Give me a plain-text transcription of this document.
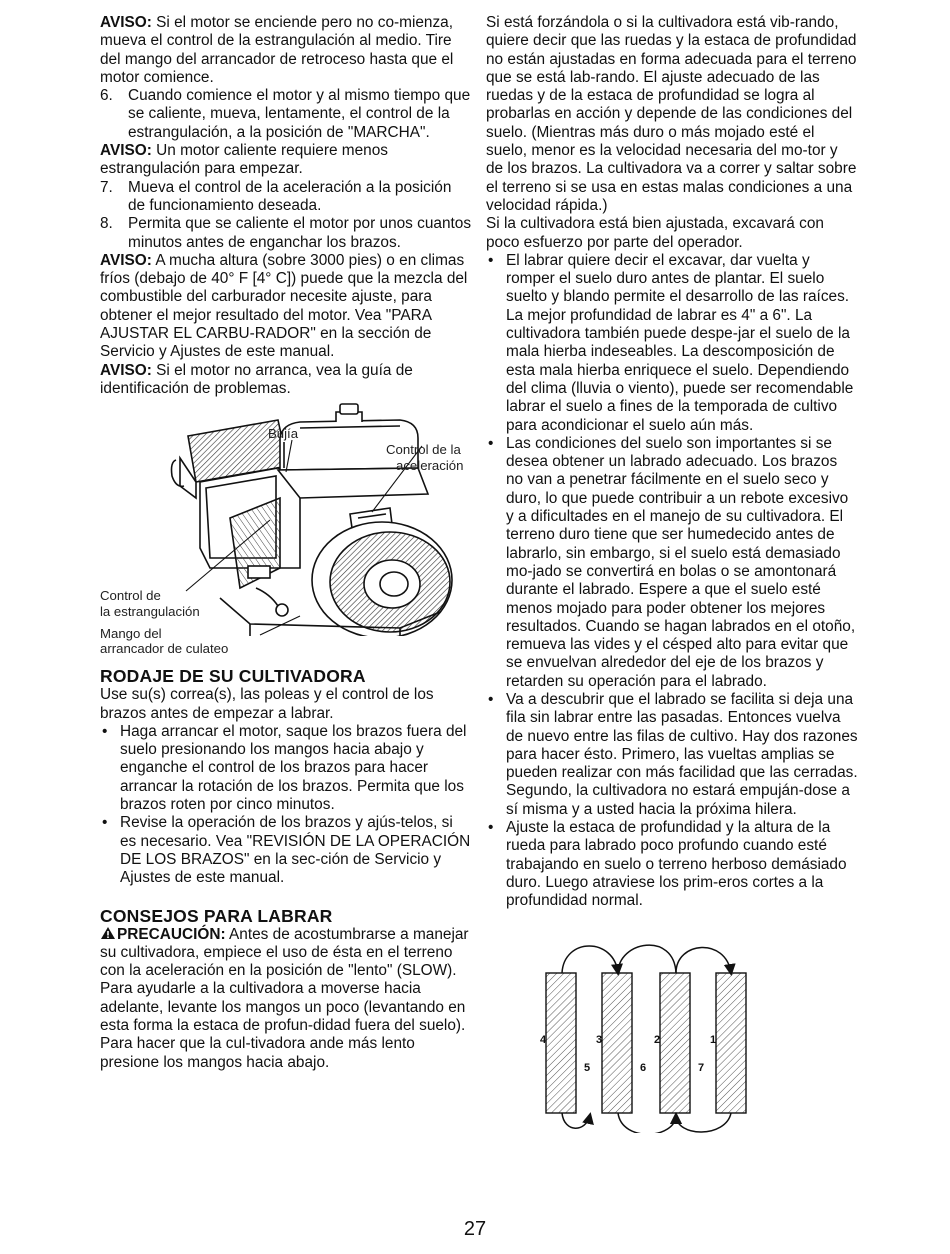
AVISO: Si el motor se enciende pero no co-mienza, mueva el control de la estrangulación al medio. Tire del mango del arrancador de retroceso hasta que el motor comience.

6. Cuando comience el motor y al mismo tiempo que se caliente, mueva, lentamente, el control de la estrangulación, a la posición de "MARCHA".

AVISO: Un motor caliente requiere menos estrangulación para empezar.

7. Mueva el control de la aceleración a la posición de funcionamiento deseada.

8. Permita que se caliente el motor por unos cuantos minutos antes de enganchar los brazos.

AVISO: A mucha altura (sobre 3000 pies) o en climas fríos (debajo de 40° F [4° C]) puede que la mezcla del combustible del carburador necesite ajuste, para obtener el mejor resultado del motor. Vea "PARA AJUSTAR EL CARBU-RADOR" en la sección de Servicio y Ajustes de este manual.

AVISO: Si el motor no arranca, vea la guía de identificación de problemas.

Bujía
Control de la
aceleración
Control de
la estrangulación
Mango del
arrancador de culateo
RODAJE DE SU CULTIVADORA

Use su(s) correa(s), las poleas y el control de los brazos antes de empezar a labrar.

• Haga arrancar el motor, saque los brazos fuera del suelo presionando los mangos hacia abajo y enganche el control de los brazos para hacer arrancar la rotación de los brazos. Permita que los brazos roten por cinco minutos.

• Revise la operación de los brazos y ajús-telos, si es necesario. Vea "REVISIÓN DE LA OPERACIÓN DE LOS BRAZOS" en la sec-ción de Servicio y Ajustes de este manual.

CONSEJOS PARA LABRAR

PRECAUCIÓN: Antes de acostumbrarse a manejar su cultivadora, empiece el uso de ésta en el terreno con la aceleración en la posición de "lento" (SLOW).

Para ayudarle a la cultivadora a moverse hacia adelante, levante los mangos un poco (levantando en esta forma la estaca de profun-didad fuera del suelo). Para hacer que la cul-tivadora ande más lento presione los mangos hacia abajo.

Si está forzándola o si la cultivadora está vib-rando, quiere decir que las ruedas y la estaca de profundidad no están ajustadas en forma adecuada para el terreno que se está lab-rando. El ajuste adecuado de las ruedas y de la estaca de profundidad se logra al probarlas en acción y depende de las condiciones del suelo. (Mientras más duro o más mojado esté el suelo, menor es la velocidad necesaria del mo-tor y de los brazos. La cultivadora va a correr y saltar sobre el terreno si se usa en estas malas condiciones a una velocidad rápida.)

Si la cultivadora está bien ajustada, excavará con poco esfuerzo por parte del operador.

• El labrar quiere decir el excavar, dar vuelta y romper el suelo duro antes de plantar. El suelo suelto y blando permite el desarrollo de las raíces. La mejor profundidad de labrar es 4" a 6". La cultivadora también puede despe-jar el suelo de la mala hierba indeseables. La descomposición de esta mala hierba enriquece el suelo. Dependiendo del clima (lluvia o viento), puede ser recomendable labrar el suelo a fines de la temporada de cultivo para acondicionar el suelo aún más.

• Las condiciones del suelo son importantes si se desea obtener un labrado adecuado. Los brazos no van a penetrar fácilmente en el suelo seco y duro, lo que puede contribuir a un rebote excesivo y a dificultades en el manejo de su cultivadora. El terreno duro tiene que ser humedecido antes de labrarlo, sin embargo, si el suelo está demasiado mo-jado se convertirá en bolas o se amontonará durante el labrado. Espere a que el suelo esté menos mojado para poder obtener los mejores resultados. Cuando se hagan labrados en el otoño, remueva las vides y el césped alto para evitar que se envuelvan alrededor del eje de los brazos y retarden su operación para el labrado.

• Va a descubrir que el labrado se facilita si deja una fila sin labrar entre las pasadas. Entonces vuelva de nuevo entre las filas de cultivo. Hay dos razones para hacer ésto. Primero, las vueltas amplias se pueden realizar con más facilidad que las cerradas. Segundo, la cultivadora no estará empuján-dose a sí misma y a usted hacia la próxima hilera.

• Ajuste la estaca de profundidad y la altura de la rueda para labrado poco profundo cuando esté trabajando en suelo o terreno herboso demásiado duro. Luego atraviese los prim-eros cortes a la profundidad normal.

4	3	2	1
5	6	7
27
